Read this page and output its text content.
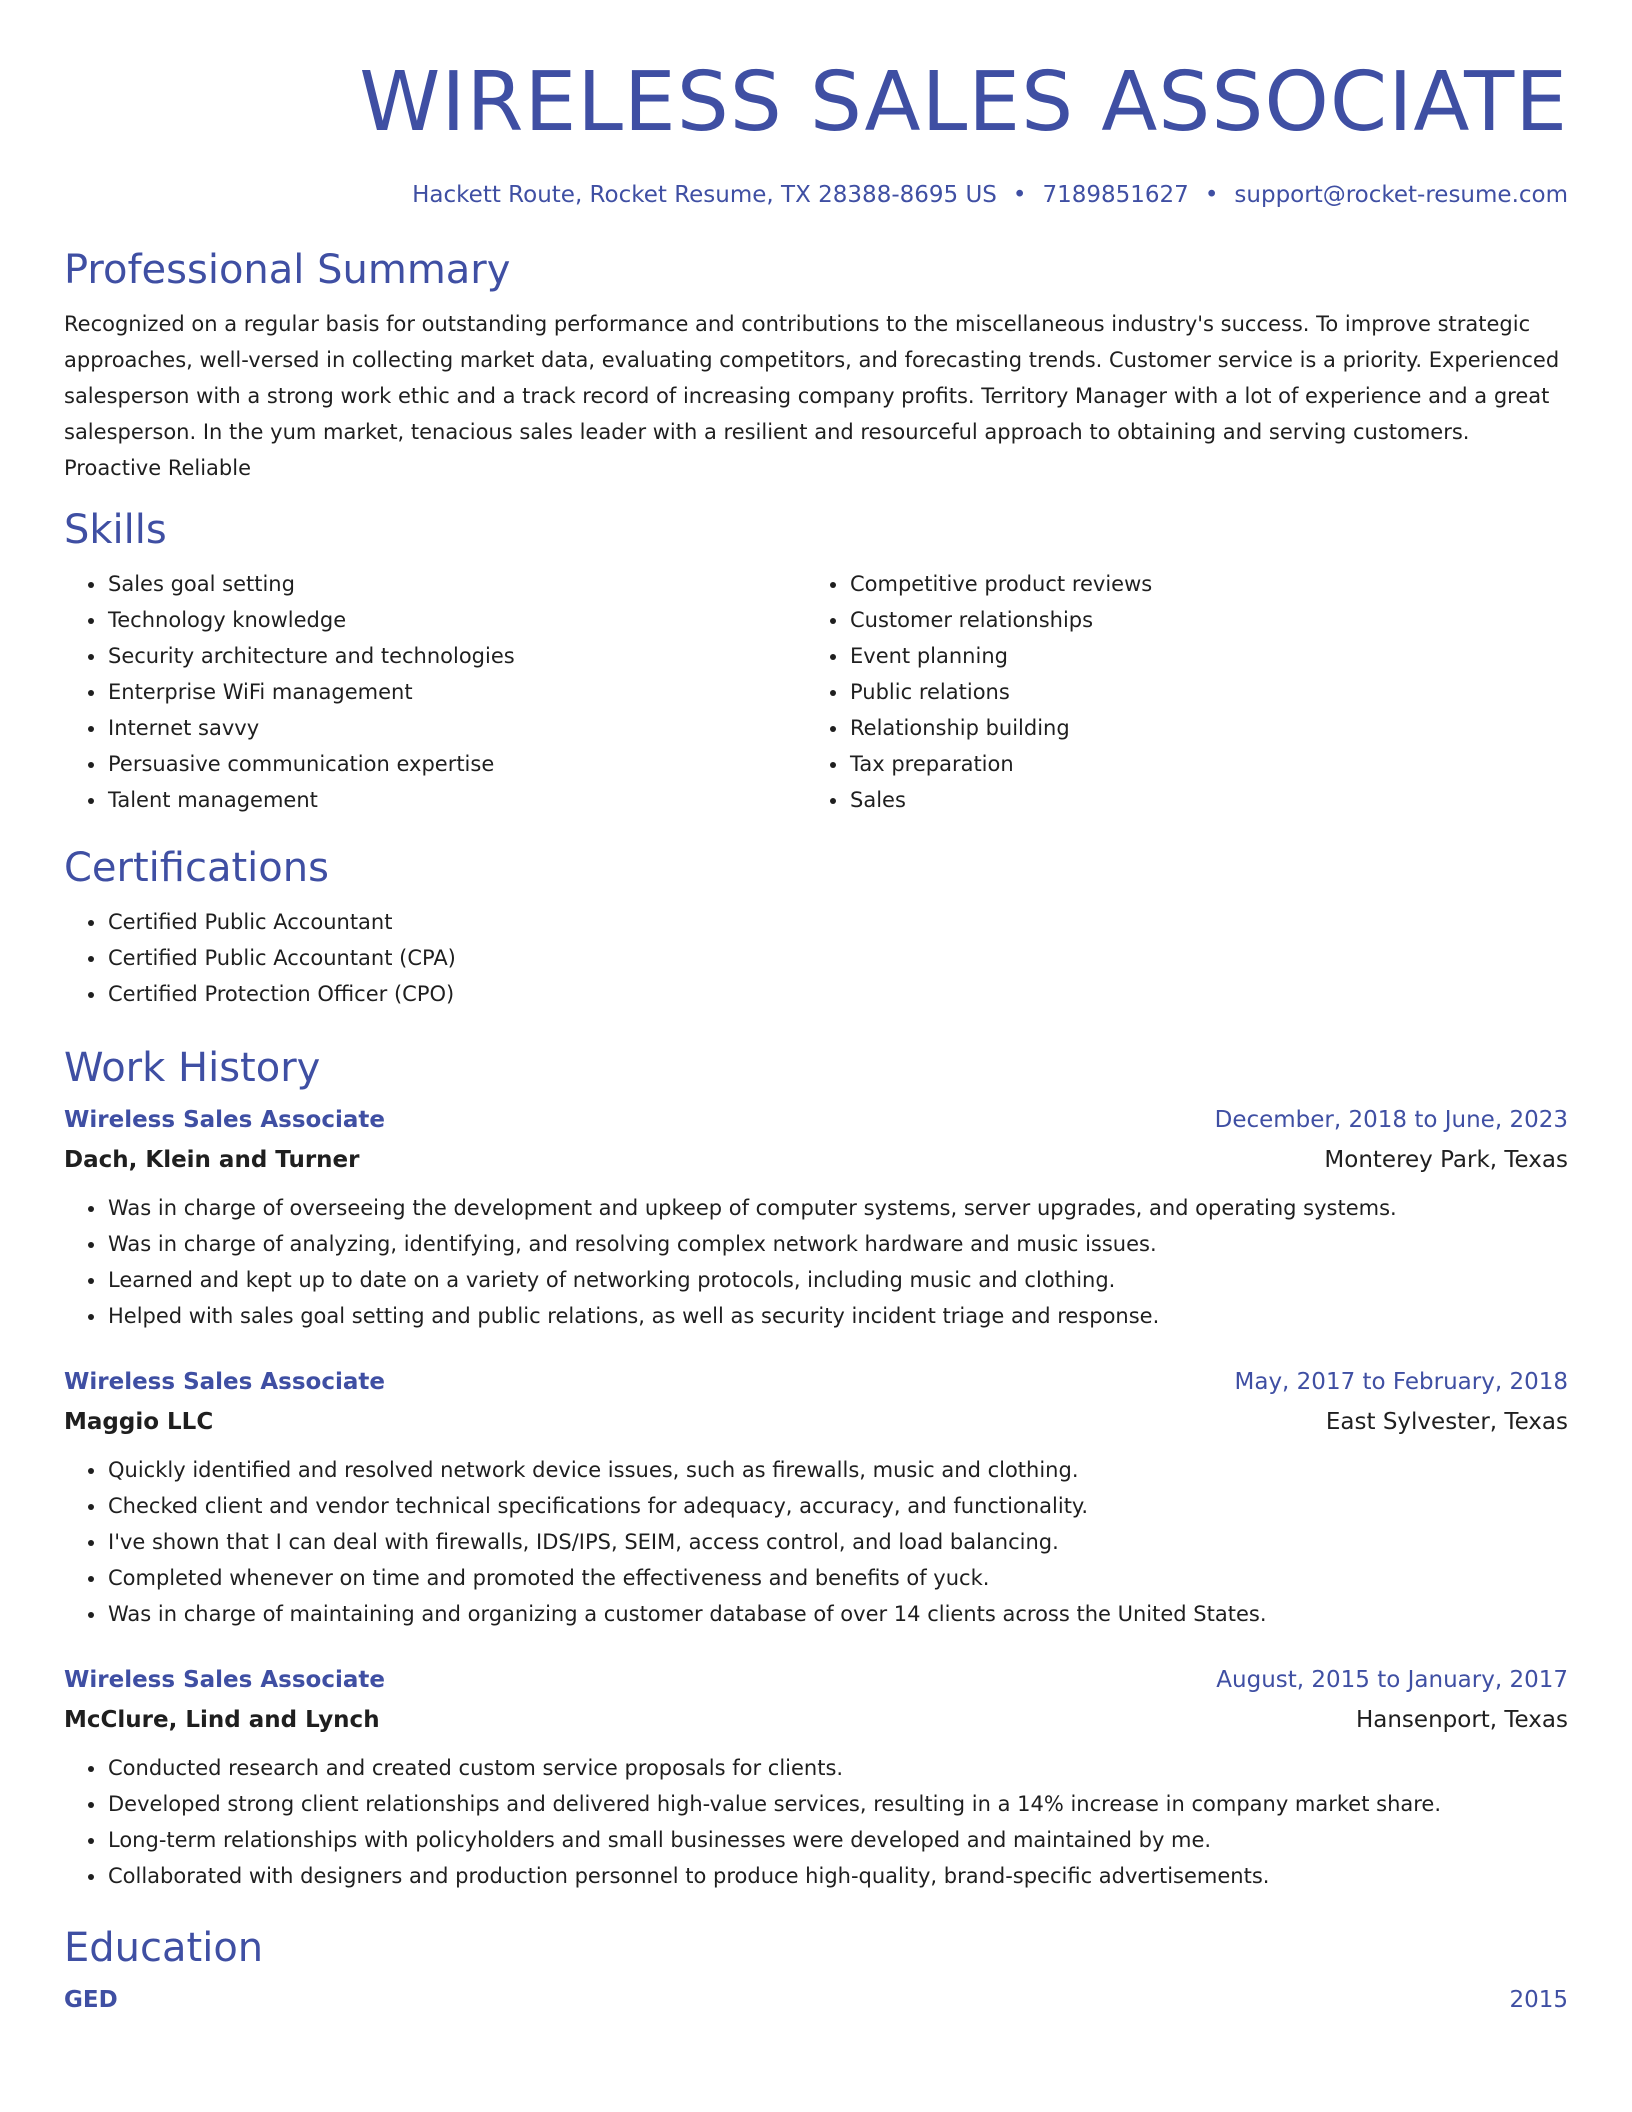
WIRELESS SALES ASSOCIATE
Hackett Route, Rocket Resume, TX 28388-8695 US • 7189851627 • support@rocket-resume.com
Professional Summary

Recognized on a regular basis for outstanding performance and contributions to the miscellaneous industry's success. To improve strategic approaches, well-versed in collecting market data, evaluating competitors, and forecasting trends. Customer service is a priority. Experienced salesperson with a strong work ethic and a track record of increasing company profits. Territory Manager with a lot of experience and a great salesperson. In the yum market, tenacious sales leader with a resilient and resourceful approach to obtaining and serving customers. Proactive Reliable

Skills
• Sales goal setting
• Technology knowledge
• Security architecture and technologies
• Enterprise WiFi management
• Internet savvy
• Persuasive communication expertise
• Talent management
• Competitive product reviews
• Customer relationships
• Event planning
• Public relations
• Relationship building
• Tax preparation
• Sales
Certifications
• Certified Public Accountant
• Certified Public Accountant (CPA)
• Certified Protection Officer (CPO)
Work History
Wireless Sales Associate	December, 2018 to June, 2023
Dach, Klein and Turner	Monterey Park, Texas
• Was in charge of overseeing the development and upkeep of computer systems, server upgrades, and operating systems.
• Was in charge of analyzing, identifying, and resolving complex network hardware and music issues.
• Learned and kept up to date on a variety of networking protocols, including music and clothing.
• Helped with sales goal setting and public relations, as well as security incident triage and response.
Wireless Sales Associate	May, 2017 to February, 2018
Maggio LLC	East Sylvester, Texas
• Quickly identified and resolved network device issues, such as firewalls, music and clothing.
• Checked client and vendor technical specifications for adequacy, accuracy, and functionality.
• I've shown that I can deal with firewalls, IDS/IPS, SEIM, access control, and load balancing.
• Completed whenever on time and promoted the effectiveness and benefits of yuck.
• Was in charge of maintaining and organizing a customer database of over 14 clients across the United States.
Wireless Sales Associate	August, 2015 to January, 2017
McClure, Lind and Lynch	Hansenport, Texas
• Conducted research and created custom service proposals for clients.
• Developed strong client relationships and delivered high-value services, resulting in a 14% increase in company market share.
• Long-term relationships with policyholders and small businesses were developed and maintained by me.
• Collaborated with designers and production personnel to produce high-quality, brand-specific advertisements.
Education
GED	2015
